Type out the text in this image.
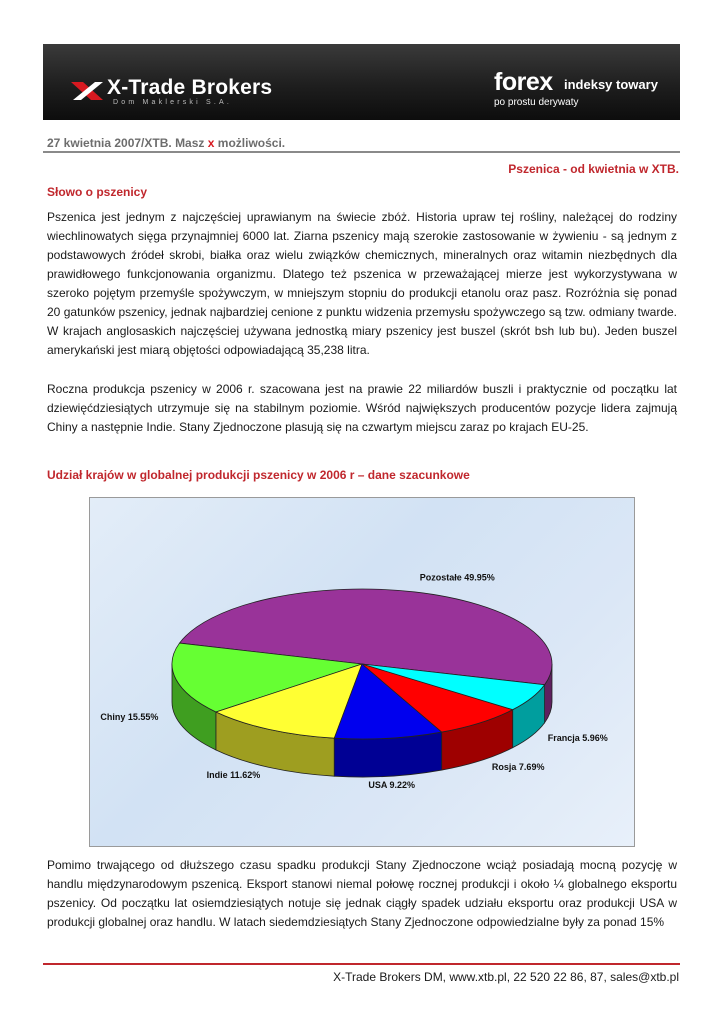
X-Trade Brokers
Dom Maklerski S.A.
forex indeksy towary
po prostu derywaty
27 kwietnia 2007/XTB. Masz x możliwości.
Pszenica - od kwietnia w XTB.
Słowo o pszenicy

Pszenica jest jednym z najczęściej uprawianym na świecie zbóż. Historia upraw tej rośliny, należącej do rodziny wiechlinowatych sięga przynajmniej 6000 lat. Ziarna pszenicy mają szerokie zastosowanie w żywieniu - są jednym z podstawowych źródeł skrobi, białka oraz wielu związków chemicznych, mineralnych oraz witamin niezbędnych dla prawidłowego funkcjonowania organizmu. Dlatego też pszenica w przeważającej mierze jest wykorzystywana w szeroko pojętym przemyśle spożywczym, w mniejszym stopniu do produkcji etanolu oraz pasz. Rozróżnia się ponad 20 gatunków pszenicy, jednak najbardziej cenione z punktu widzenia przemysłu spożywczego są tzw. odmiany twarde. W krajach anglosaskich najczęściej używana jednostką miary pszenicy jest buszel (skrót bsh lub bu). Jeden buszel amerykański jest miarą objętości odpowiadającą 35,238 litra.

Roczna produkcja pszenicy w 2006 r. szacowana jest na prawie 22 miliardów buszli i praktycznie od początku lat dziewięćdziesiątych utrzymuje się na stabilnym poziomie. Wśród największych producentów pozycje lidera zajmują Chiny a następnie Indie. Stany Zjednoczone plasują się na czwartym miejscu zaraz po krajach EU-25.

Udział krajów w globalnej produkcji pszenicy w 2006 r – dane szacunkowe
Pozostałe 49.95%
Chiny 15.55%
Indie 11.62%
USA 9.22%
Rosja 7.69%
Francja 5.96%

Pomimo trwającego od dłuższego czasu spadku produkcji Stany Zjednoczone wciąż posiadają mocną pozycję w handlu międzynarodowym pszenicą. Eksport stanowi niemal połowę rocznej produkcji i około ¼ globalnego eksportu pszenicy. Od początku lat osiemdziesiątych notuje się jednak ciągły spadek udziału eksportu oraz produkcji USA w produkcji globalnej oraz handlu. W latach siedemdziesiątych Stany Zjednoczone odpowiedzialne były za ponad 15%

X-Trade Brokers DM, www.xtb.pl, 22 520 22 86, 87, sales@xtb.pl
